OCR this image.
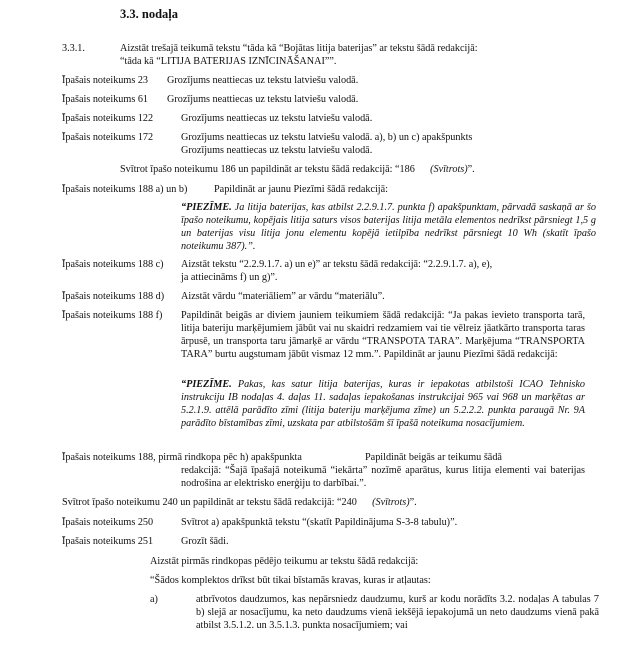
3.3. nodaļa
3.3.1.	Aizstāt trešajā teikumā tekstu “tāda kā “Bojātas litija baterijas” ar tekstu šādā redakcijā:
“tāda kā “LITIJA BATERIJAS IZNĪCINĀŠANAI””.
Īpašais noteikums 23 Grozījums neattiecas uz tekstu latviešu valodā.
Īpašais noteikums 61 Grozījums neattiecas uz tekstu latviešu valodā.
Īpašais noteikums 122	Grozījums neattiecas uz tekstu latviešu valodā.
Īpašais noteikums 172	Grozījums neattiecas uz tekstu latviešu valodā. a), b) un c) apakšpunkts
Grozījums neattiecas uz tekstu latviešu valodā.
Svītrot īpašo noteikumu 186 un papildināt ar tekstu šādā redakcijā: “186 (Svītrots)”.
Īpašais noteikums 188 a) un b)	Papildināt ar jaunu Piezīmi šādā redakcijā:
“PIEZĪME. Ja litija baterijas, kas atbilst 2.2.9.1.7. punkta f) apakšpunktam, pārvadā saskaņā ar šo īpašo noteikumu, kopējais litija saturs visos baterijas litija metāla elementos nedrīkst pārsniegt 1,5 g un baterijas visu litija jonu elementu kopējā ietilpība nedrīkst pārsniegt 10 Wh (skatīt īpašo noteikumu 387).”.
Īpašais noteikums 188 c) Aizstāt tekstu “2.2.9.1.7. a) un e)” ar tekstu šādā redakcijā: “2.2.9.1.7. a), e),
ja attiecināms f) un g)”.
Īpašais noteikums 188 d) Aizstāt vārdu “materiāliem” ar vārdu “materiālu”.
Īpašais noteikums 188 f) Papildināt beigās ar diviem jauniem teikumiem šādā redakcijā: “Ja pakas ievieto transporta tarā, litija bateriju marķējumiem jābūt vai nu skaidri redzamiem vai tie vēlreiz jāatkārto transporta taras ārpusē, un transporta taru jāmarķē ar vārdu “TRANSPOTA TARA”. Marķējuma “TRANSPORTA TARA” burtu augstumam jābūt vismaz 12 mm.”. Papildināt ar jaunu Piezīmi šādā redakcijā:
“PIEZĪME. Pakas, kas satur litija baterijas, kuras ir iepakotas atbilstoši ICAO Tehnisko instrukciju IB nodaļas 4. daļas 11. sadaļas iepakošanas instrukcijai 965 vai 968 un marķētas ar 5.2.1.9. attēlā parādīto zīmi (litija bateriju marķējuma zīme) un 5.2.2.2. punkta paraugā Nr. 9A parādīto bīstamības zīmi, uzskata par atbilstošām šī īpašā noteikuma nosacījumiem.
Īpašais noteikums 188, pirmā rindkopa pēc h) apakšpunkta	Papildināt beigās ar teikumu šādā
redakcijā: “Šajā īpašajā noteikumā “iekārta” nozīmē aparātus, kurus litija elementi vai baterijas nodrošina ar elektrisko enerģiju to darbībai.”.
Svītrot īpašo noteikumu 240 un papildināt ar tekstu šādā redakcijā: “240 (Svītrots)”.
Īpašais noteikums 250	Svītrot a) apakšpunktā tekstu “(skatīt Papildinājuma S-3-8 tabulu)”.
Īpašais noteikums 251	Grozīt šādi.
Aizstāt pirmās rindkopas pēdējo teikumu ar tekstu šādā redakcijā:
“Šādos komplektos drīkst būt tikai bīstamās kravas, kuras ir atļautas:
a)	atbrīvotos daudzumos, kas nepārsniedz daudzumu, kurš ar kodu norādīts 3.2. nodaļas A tabulas 7 b) slejā ar nosacījumu, ka neto daudzums vienā iekšējā iepakojumā un neto daudzums vienā pakā atbilst 3.5.1.2. un 3.5.1.3. punkta nosacījumiem; vai
